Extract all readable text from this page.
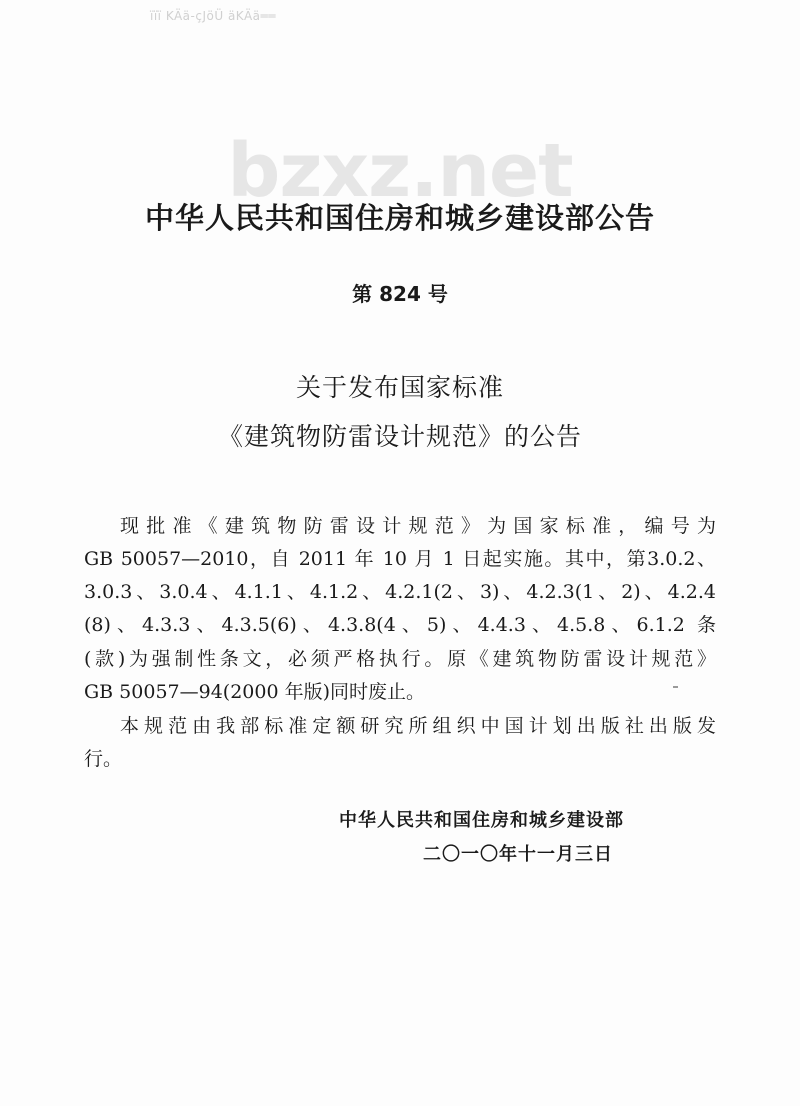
ïïï KÄä-çJöÜ äKÄä══
bzxz.net
中华人民共和国住房和城乡建设部公告
第 824 号
关于发布国家标准
《建筑物防雷设计规范》的公告
现批准《建筑物防雷设计规范》为国家标准，编号为
GB 50057—2010，自 2011 年 10 月 1 日起实施。其中，第3.0.2、
3.0.3、3.0.4、4.1.1、4.1.2、4.2.1(2、3)、4.2.3(1、2)、4.2.4
(8)、4.3.3、4.3.5(6)、4.3.8(4、5)、4.4.3、4.5.8、6.1.2 条
(款)为强制性条文，必须严格执行。原《建筑物防雷设计规范》
GB 50057—94(2000 年版)同时废止。
本规范由我部标准定额研究所组织中国计划出版社出版发
行。
中华人民共和国住房和城乡建设部
二〇一〇年十一月三日
